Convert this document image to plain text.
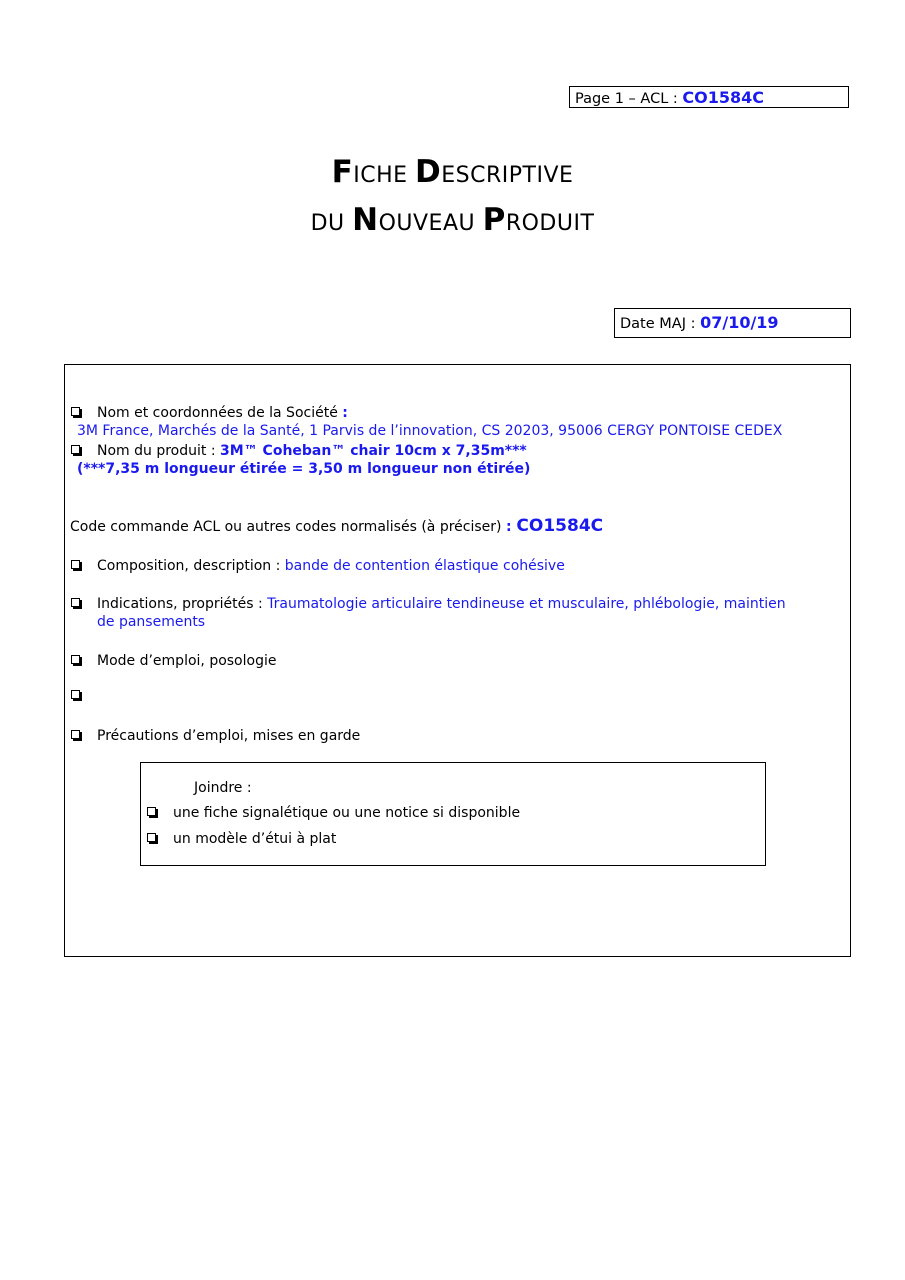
Page 1 – ACL : CO1584C
FICHE DESCRIPTIVE
DU NOUVEAU PRODUIT
Date MAJ : 07/10/19
Nom et coordonnées de la Société :
3M France, Marchés de la Santé, 1 Parvis de l’innovation, CS 20203, 95006 CERGY PONTOISE CEDEX
Nom du produit : 3M™ Coheban™ chair 10cm x 7,35m***
(***7,35 m longueur étirée = 3,50 m longueur non étirée)
Code commande ACL ou autres codes normalisés (à préciser) : CO1584C
Composition, description : bande de contention élastique cohésive
Indications, propriétés : Traumatologie articulaire tendineuse et musculaire, phlébologie, maintien de pansements
Mode d’emploi, posologie
Précautions d’emploi, mises en garde
Joindre :
une fiche signalétique ou une notice si disponible
un modèle d’étui à plat
